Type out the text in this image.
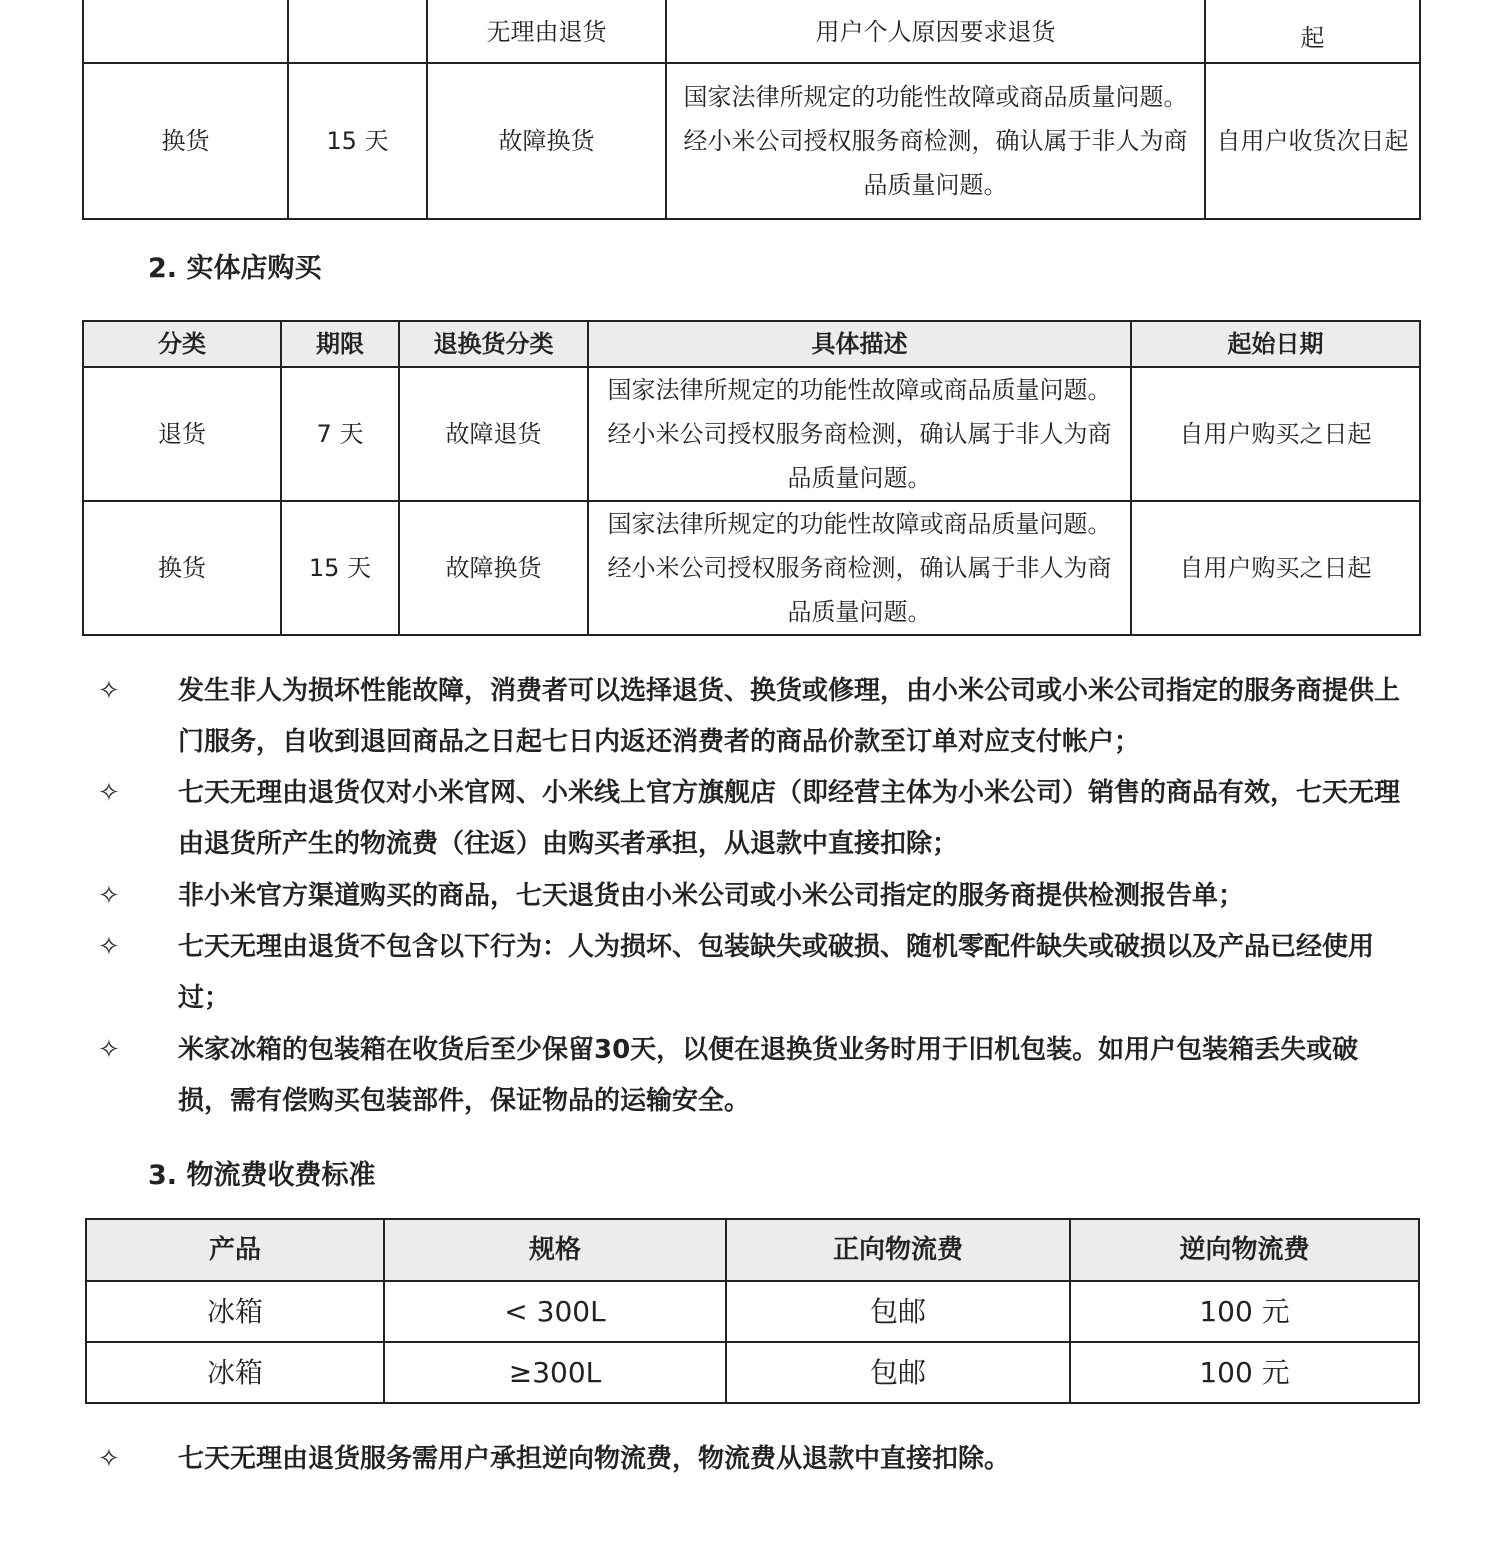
		无理由退货	用户个人原因要求退货	起
换货	15 天	故障换货	国家法律所规定的功能性故障或商品质量问题。经小米公司授权服务商检测，确认属于非人为商品质量问题。	自用户收货次日起
2. 实体店购买
分类	期限	退换货分类	具体描述	起始日期
退货	7 天	故障退货	国家法律所规定的功能性故障或商品质量问题。经小米公司授权服务商检测，确认属于非人为商品质量问题。	自用户购买之日起
换货	15 天	故障换货	国家法律所规定的功能性故障或商品质量问题。经小米公司授权服务商检测，确认属于非人为商品质量问题。	自用户购买之日起
✧	发生非人为损坏性能故障，消费者可以选择退货、换货或修理，由小米公司或小米公司指定的服务商提供上门服务，自收到退回商品之日起七日内返还消费者的商品价款至订单对应支付帐户；
✧	七天无理由退货仅对小米官网、小米线上官方旗舰店（即经营主体为小米公司）销售的商品有效，七天无理由退货所产生的物流费（往返）由购买者承担，从退款中直接扣除；
✧	非小米官方渠道购买的商品，七天退货由小米公司或小米公司指定的服务商提供检测报告单；
✧	七天无理由退货不包含以下行为：人为损坏、包装缺失或破损、随机零配件缺失或破损以及产品已经使用过；
✧	米家冰箱的包装箱在收货后至少保留30天，以便在退换货业务时用于旧机包装。如用户包装箱丢失或破损，需有偿购买包装部件，保证物品的运输安全。
3. 物流费收费标准
产品	规格	正向物流费	逆向物流费
冰箱	< 300L	包邮	100 元
冰箱	≥300L	包邮	100 元
✧	七天无理由退货服务需用户承担逆向物流费，物流费从退款中直接扣除。
